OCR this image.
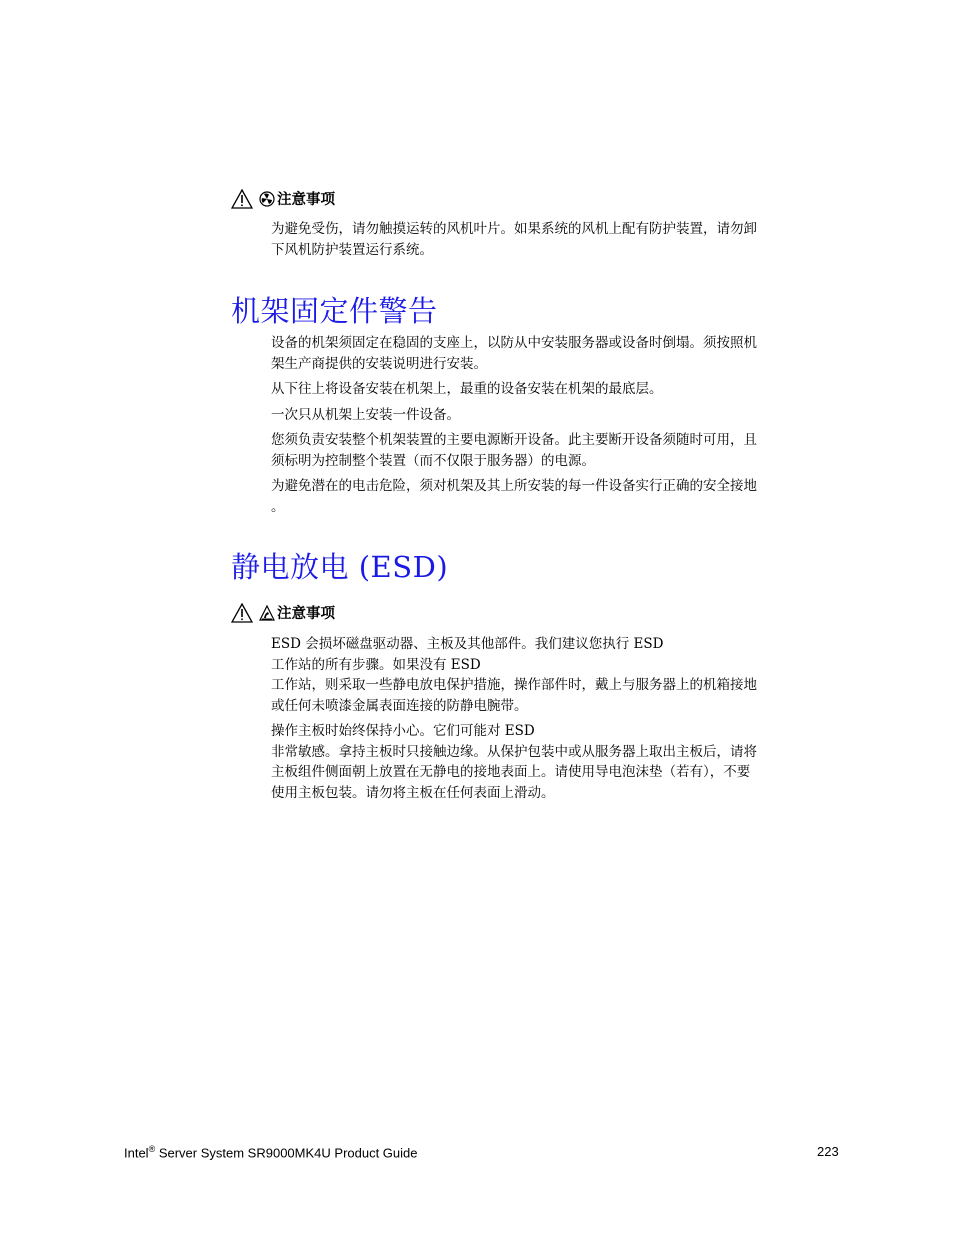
注意事项

为避免受伤，请勿触摸运转的风机叶片。如果系统的风机上配有防护装置，请勿卸
下风机防护装置运行系统。

机架固定件警告

设备的机架须固定在稳固的支座上，以防从中安装服务器或设备时倒塌。须按照机
架生产商提供的安装说明进行安装。

从下往上将设备安装在机架上，最重的设备安装在机架的最底层。

一次只从机架上安装一件设备。

您须负责安装整个机架装置的主要电源断开设备。此主要断开设备须随时可用，且
须标明为控制整个装置（而不仅限于服务器）的电源。

为避免潜在的电击危险，须对机架及其上所安装的每一件设备实行正确的安全接地
。

静电放电 (ESD)
注意事项

ESD 会损坏磁盘驱动器、主板及其他部件。我们建议您执行 ESD
工作站的所有步骤。如果没有 ESD
工作站，则采取一些静电放电保护措施，操作部件时，戴上与服务器上的机箱接地
或任何未喷漆金属表面连接的防静电腕带。

操作主板时始终保持小心。它们可能对 ESD
非常敏感。拿持主板时只接触边缘。从保护包装中或从服务器上取出主板后，请将
主板组件侧面朝上放置在无静电的接地表面上。请使用导电泡沫垫（若有），不要
使用主板包装。请勿将主板在任何表面上滑动。

Intel® Server System SR9000MK4U Product Guide	223
